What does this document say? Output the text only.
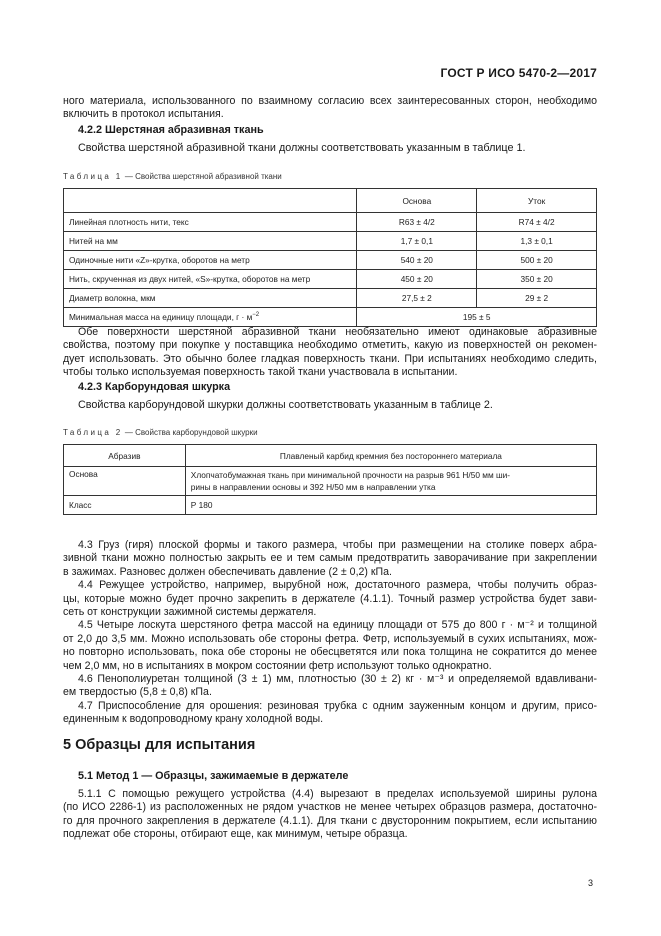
ГОСТ Р ИСО 5470-2—2017
ного материала, использованного по взаимному согласию всех заинтересованных сторон, необходимо
включить в протокол испытания.
4.2.2 Шерстяная абразивная ткань
Свойства шерстяной абразивной ткани должны соответствовать указанным в таблице 1.
Таблица 1 — Свойства шерстяной абразивной ткани
	Основа	Уток
Линейная плотность нити, текс	R63 ± 4/2	R74 ± 4/2
Нитей на мм	1,7 ± 0,1	1,3 ± 0,1
Одиночные нити «Z»-крутка, оборотов на метр	540 ± 20	500 ± 20
Нить, скрученная из двух нитей, «S»-крутка, оборотов на метр	450 ± 20	350 ± 20
Диаметр волокна, мкм	27,5 ± 2	29 ± 2
Минимальная масса на единицу площади, $г \cdot м^{-2}$	195 ± 5	
Обе поверхности шерстяной абразивной ткани необязательно имеют одинаковые абразивные
свойства, поэтому при покупке у поставщика необходимо отметить, какую из поверхностей он рекомен-
дует использовать. Это обычно более гладкая поверхность ткани. При испытаниях необходимо следить,
чтобы только используемая поверхность такой ткани участвовала в испытании.
4.2.3 Карборундовая шкурка
Свойства карборундовой шкурки должны соответствовать указанным в таблице 2.
Таблица 2 — Свойства карборундовой шкурки
Абразив	Плавленый карбид кремния без постороннего материала
Основа	Хлопчатобумажная ткань при минимальной прочности на разрыв 961 Н/50 мм ши-
рины в направлении основы и 392 Н/50 мм в направлении утка

Класс	Р 180
4.3 Груз (гиря) плоской формы и такого размера, чтобы при размещении на столике поверх абра-
зивной ткани можно полностью закрыть ее и тем самым предотвратить заворачивание при закреплении
в зажимах. Разновес должен обеспечивать давление (2 ± 0,2) кПа.
4.4 Режущее устройство, например, вырубной нож, достаточного размера, чтобы получить образ-
цы, которые можно будет прочно закрепить в держателе (4.1.1). Точный размер устройства будет зави-
сеть от конструкции зажимной системы держателя.
4.5 Четыре лоскута шерстяного фетра массой на единицу площади от 575 до 800 г · м⁻² и толщиной
от 2,0 до 3,5 мм. Можно использовать обе стороны фетра. Фетр, используемый в сухих испытаниях, мож-
но повторно использовать, пока обе стороны не обесцветятся или пока толщина не сократится до менее
чем 2,0 мм, но в испытаниях в мокром состоянии фетр используют только однократно.
4.6 Пенополиуретан толщиной (3 ± 1) мм, плотностью (30 ± 2) кг · м⁻³ и определяемой вдавливани-
ем твердостью (5,8 ± 0,8) кПа.
4.7 Приспособление для орошения: резиновая трубка с одним зауженным концом и другим, присо-
единенным к водопроводному крану холодной воды.
5 Образцы для испытания
5.1 Метод 1 — Образцы, зажимаемые в держателе
5.1.1 С помощью режущего устройства (4.4) вырезают в пределах используемой ширины рулона
(по ИСО 2286-1) из расположенных не рядом участков не менее четырех образцов размера, достаточно-
го для прочного закрепления в держателе (4.1.1). Для ткани с двусторонним покрытием, если испытанию
подлежат обе стороны, отбирают еще, как минимум, четыре образца.
3
